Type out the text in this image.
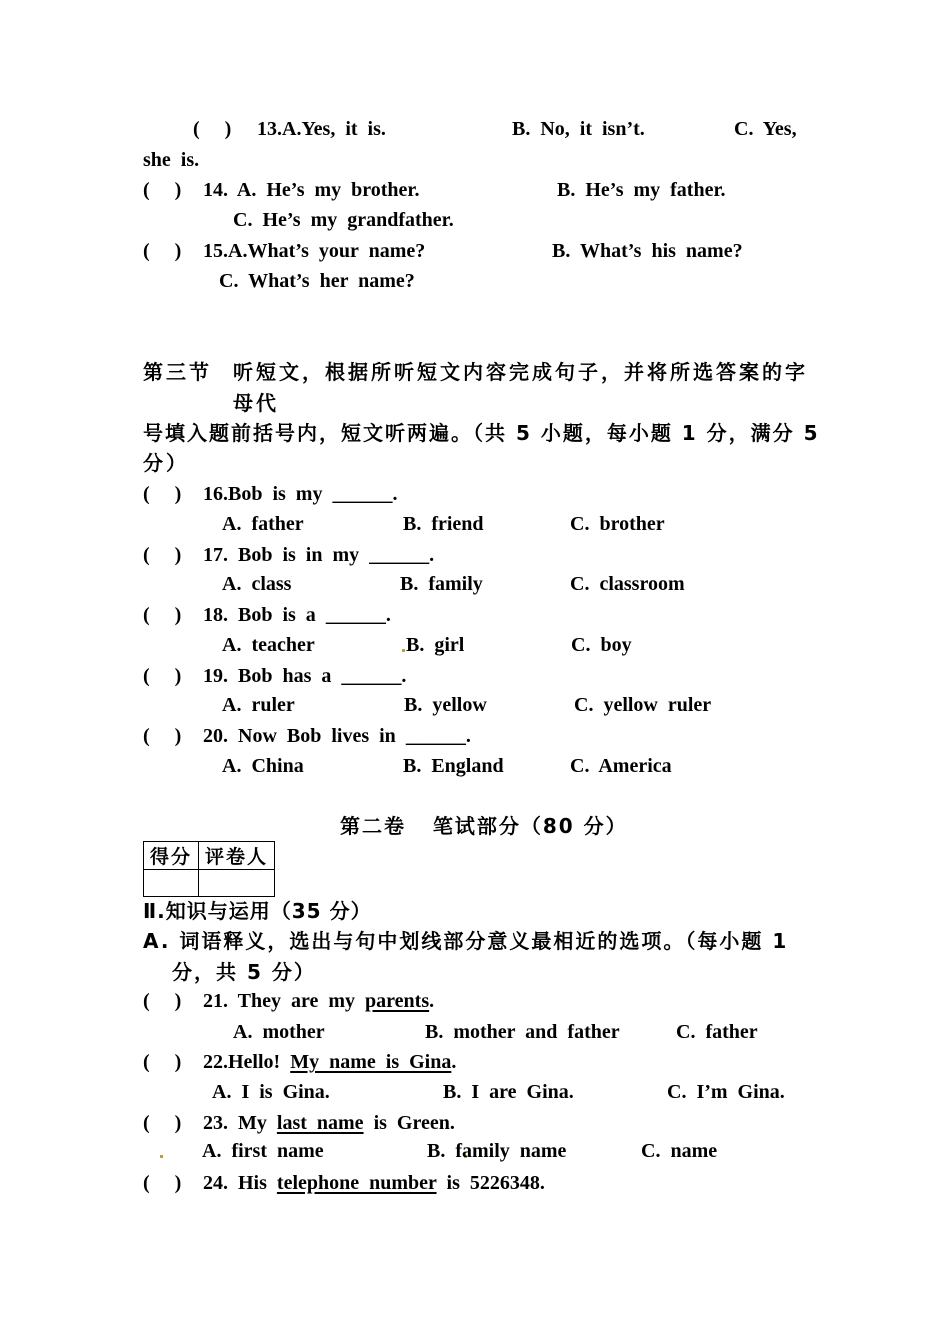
(     ) 13.A.Yes,  it  is.	B.  No,  it  isn’t.	C.  Yes,
she  is.
(     ) 14.  A.  He’s  my  brother.	B.  He’s  my  father.
C.  He’s  my  grandfather.
(     ) 15.A.What’s  your  name?	B.  What’s  his  name?
C.  What’s  her  name?
第三节 听短文，根据所听短文内容完成句子，并将所选答案的字
母代
号填入题前括号内，短文听两遍。（共 5 小题，每小题 1 分，满分 5
分）
(     ) 16.Bob  is  my  ______.
A.  father	B.  friend	C.  brother
(     ) 17.  Bob  is  in  my  ______.
A.  class	B.  family	C.  classroom
(     ) 18.  Bob  is  a  ______.
A.  teacher	B.  girl	C.  boy
(     ) 19.  Bob  has  a  ______.
A.  ruler	B.  yellow	C.  yellow  ruler
(     ) 20.  Now  Bob  lives  in  ______.
A.  China	B.  England	C.  America
第二卷   笔试部分（80 分）
得分	评卷人

Ⅱ.知识与运用（35 分）
A. 词语释义，选出与句中划线部分意义最相近的选项。（每小题 1
分，共 5 分）
(     ) 21.  They  are  my  parents.
A.  mother	B.  mother  and  father	C.  father
(     ) 22.Hello!  My  name  is  Gina.
A.  I  is  Gina.	B.  I  are  Gina.	C.  I’m  Gina.
(     ) 23.  My  last  name  is  Green.
A.  first  name	B.  family  name	C.  name
(     ) 24.  His  telephone  number  is  5226348.
